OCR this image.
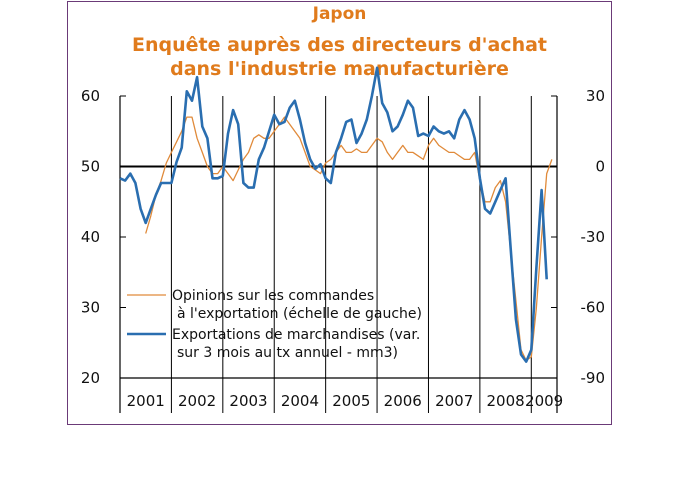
Japon
Enquête auprès des directeurs d'achat
dans l'industrie manufacturière
60
50
40
30
20
30
0
-30
-60
-90
2001 2002 2003 2004 2005 2006 2007 2008 2009
Opinions sur les commandes
à l'exportation (échelle de gauche)
Exportations de marchandises (var.
sur 3 mois au tx annuel - mm3)
